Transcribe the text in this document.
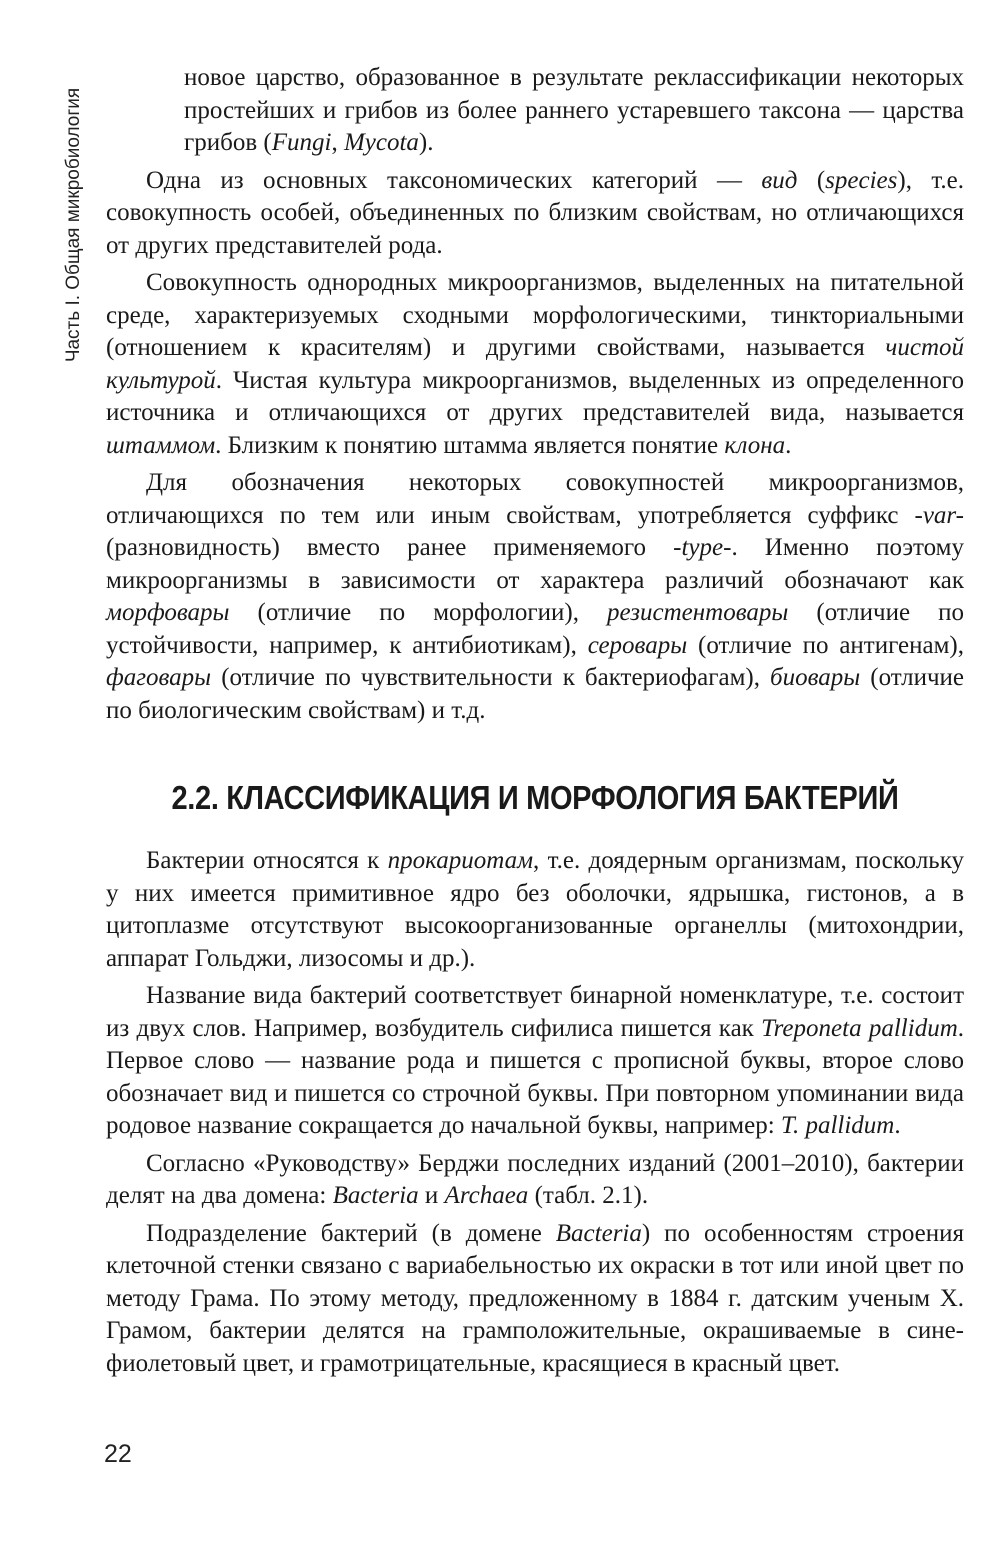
Часть I. Общая микробиология

новое царство, образованное в результате реклассификации некоторых простейших и грибов из более раннего устаревшего таксона — царства грибов (Fungi, Mycota).

Одна из основных таксономических категорий — вид (species), т.е. совокупность особей, объединенных по близким свойствам, но отличающихся от других представителей рода.

Совокупность однородных микроорганизмов, выделенных на питательной среде, характеризуемых сходными морфологическими, тинкториальными (отношением к красителям) и другими свойствами, называется чистой культурой. Чистая культура микроорганизмов, выделенных из определенного источника и отличающихся от других представителей вида, называется штаммом. Близким к понятию штамма является понятие клона.

Для обозначения некоторых совокупностей микроорганизмов, отличающихся по тем или иным свойствам, употребляется суффикс -var- (разновидность) вместо ранее применяемого -type-. Именно поэтому микроорганизмы в зависимости от характера различий обозначают как морфовары (отличие по морфологии), резистентовары (отличие по устойчивости, например, к антибиотикам), серовары (отличие по антигенам), фаговары (отличие по чувствительности к бактериофагам), биовары (отличие по биологическим свойствам) и т.д.

2.2. КЛАССИФИКАЦИЯ И МОРФОЛОГИЯ БАКТЕРИЙ

Бактерии относятся к прокариотам, т.е. доядерным организмам, поскольку у них имеется примитивное ядро без оболочки, ядрышка, гистонов, а в цитоплазме отсутствуют высокоорганизованные органеллы (митохондрии, аппарат Гольджи, лизосомы и др.).

Название вида бактерий соответствует бинарной номенклатуре, т.е. состоит из двух слов. Например, возбудитель сифилиса пишется как Treponeta pallidum. Первое слово — название рода и пишется с прописной буквы, второе слово обозначает вид и пишется со строчной буквы. При повторном упоминании вида родовое название сокращается до начальной буквы, например: T. pallidum.

Согласно «Руководству» Берджи последних изданий (2001–2010), бактерии делят на два домена: Bacteria и Archaea (табл. 2.1).

Подразделение бактерий (в домене Bacteria) по особенностям строения клеточной стенки связано с вариабельностью их окраски в тот или иной цвет по методу Грама. По этому методу, предложенному в 1884 г. датским ученым Х. Грамом, бактерии делятся на грамположительные, окрашиваемые в сине-фиолетовый цвет, и грамотрицательные, красящиеся в красный цвет.

22
